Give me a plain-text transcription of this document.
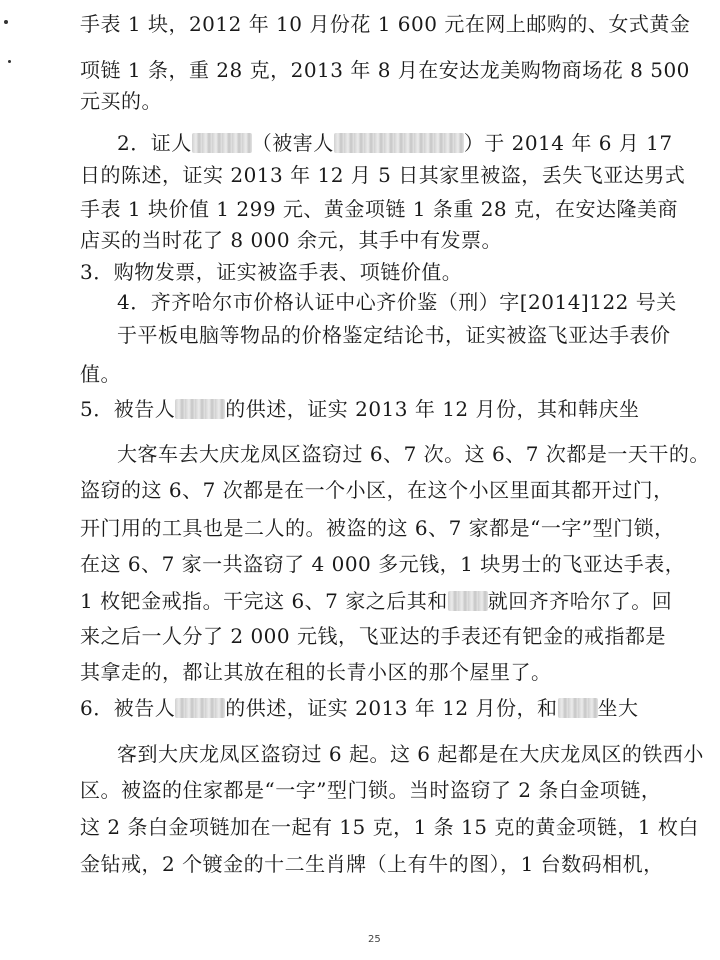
手表 1 块，2012 年 10 月份花 1 600 元在网上邮购的、女式黄金
项链 1 条，重 28 克，2013 年 8 月在安达龙美购物商场花 8 500
元买的。
2．证人	（被害人	）于 2014 年 6 月 17
日的陈述，证实 2013 年 12 月 5 日其家里被盗，丢失飞亚达男式
手表 1 块价值 1 299 元、黄金项链 1 条重 28 克，在安达隆美商
店买的当时花了 8 000 余元，其手中有发票。
3．购物发票，证实被盗手表、项链价值。
4．齐齐哈尔市价格认证中心齐价鉴（刑）字[2014]122 号关
于平板电脑等物品的价格鉴定结论书，证实被盗飞亚达手表价
值。
5．被告人	的供述，证实 2013 年 12 月份，其和韩庆坐
大客车去大庆龙凤区盗窃过 6、7 次。这 6、7 次都是一天干的。
盗窃的这 6、7 次都是在一个小区，在这个小区里面其都开过门，
开门用的工具也是二人的。被盗的这 6、7 家都是“一字”型门锁，
在这 6、7 家一共盗窃了 4 000 多元钱，1 块男士的飞亚达手表，
1 枚钯金戒指。干完这 6、7 家之后其和 就回齐齐哈尔了。回
来之后一人分了 2 000 元钱，飞亚达的手表还有钯金的戒指都是
其拿走的，都让其放在租的长青小区的那个屋里了。
6．被告人	的供述，证实 2013 年 12 月份，和 坐大
客到大庆龙凤区盗窃过 6 起。这 6 起都是在大庆龙凤区的铁西小
区。被盗的住家都是“一字”型门锁。当时盗窃了 2 条白金项链，
这 2 条白金项链加在一起有 15 克，1 条 15 克的黄金项链，1 枚白
金钻戒，2 个镀金的十二生肖牌（上有牛的图），1 台数码相机，
25
